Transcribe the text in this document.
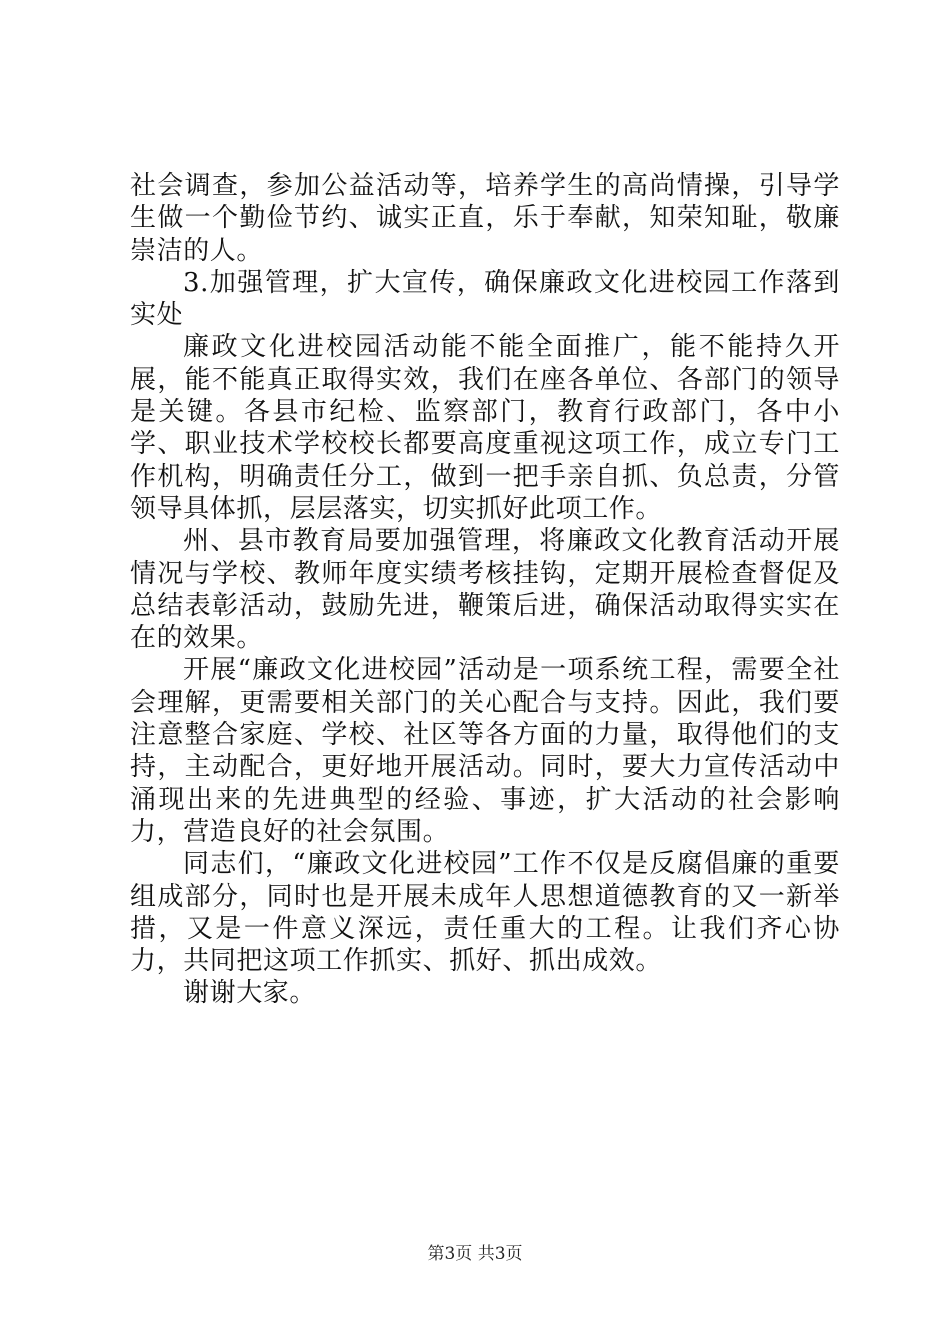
社会调查，参加公益活动等，培养学生的高尚情操，引导学生做一个勤俭节约、诚实正直，乐于奉献，知荣知耻，敬廉崇洁的人。

3.加强管理，扩大宣传，确保廉政文化进校园工作落到实处

廉政文化进校园活动能不能全面推广，能不能持久开展，能不能真正取得实效，我们在座各单位、各部门的领导是关键。各县市纪检、监察部门，教育行政部门，各中小学、职业技术学校校长都要高度重视这项工作，成立专门工作机构，明确责任分工，做到一把手亲自抓、负总责，分管领导具体抓，层层落实，切实抓好此项工作。

州、县市教育局要加强管理，将廉政文化教育活动开展情况与学校、教师年度实绩考核挂钩，定期开展检查督促及总结表彰活动，鼓励先进，鞭策后进，确保活动取得实实在在的效果。

开展“廉政文化进校园”活动是一项系统工程，需要全社会理解，更需要相关部门的关心配合与支持。因此，我们要注意整合家庭、学校、社区等各方面的力量，取得他们的支持，主动配合，更好地开展活动。同时，要大力宣传活动中涌现出来的先进典型的经验、事迹，扩大活动的社会影响力，营造良好的社会氛围。

同志们，“廉政文化进校园”工作不仅是反腐倡廉的重要组成部分，同时也是开展未成年人思想道德教育的又一新举措，又是一件意义深远，责任重大的工程。让我们齐心协力，共同把这项工作抓实、抓好、抓出成效。

谢谢大家。

第3页 共3页
